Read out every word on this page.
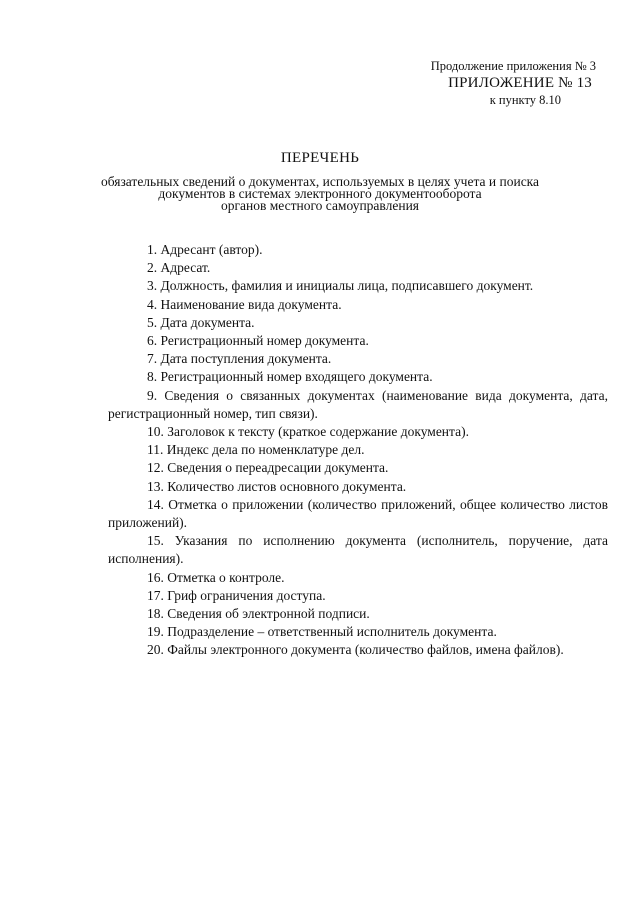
Продолжение приложения № 3
ПРИЛОЖЕНИЕ № 13
к пункту 8.10
ПЕРЕЧЕНЬ
обязательных сведений о документах, используемых в целях учета и поиска
документов в системах электронного документооборота
органов местного самоуправления
1. Адресант (автор).
2. Адресат.
3. Должность, фамилия и инициалы лица, подписавшего документ.
4. Наименование вида документа.
5. Дата документа.
6. Регистрационный номер документа.
7. Дата поступления документа.
8. Регистрационный номер входящего документа.
9. Сведения о связанных документах (наименование вида документа, дата, регистрационный номер, тип связи).
10. Заголовок к тексту (краткое содержание документа).
11. Индекс дела по номенклатуре дел.
12. Сведения о переадресации документа.
13. Количество листов основного документа.
14. Отметка о приложении (количество приложений, общее количество листов приложений).
15. Указания по исполнению документа (исполнитель, поручение, дата исполнения).
16. Отметка о контроле.
17. Гриф ограничения доступа.
18. Сведения об электронной подписи.
19. Подразделение – ответственный исполнитель документа.
20. Файлы электронного документа (количество файлов, имена файлов).
